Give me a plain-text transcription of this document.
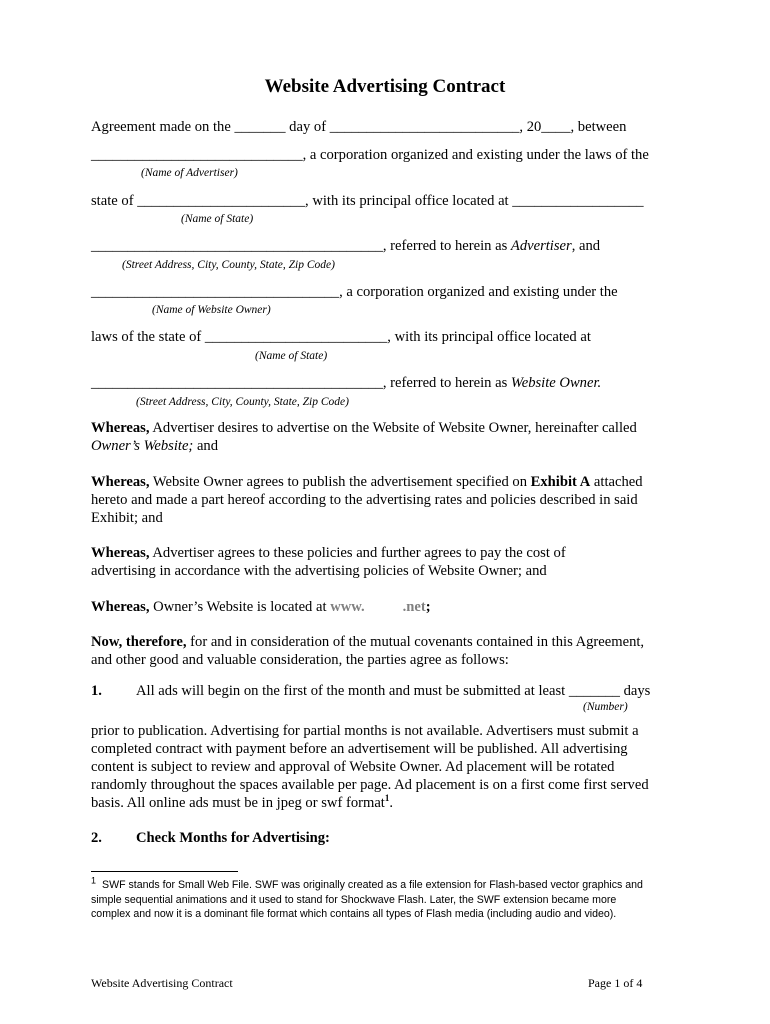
Website Advertising Contract
Agreement made on the _______ day of __________________________, 20____, between
_____________________________, a corporation organized and existing under the laws of the
(Name of Advertiser)
state of _______________________, with its principal office located at __________________
(Name of State)
________________________________________, referred to herein as Advertiser, and
(Street Address, City, County, State, Zip Code)
__________________________________, a corporation organized and existing under the
(Name of Website Owner)
laws of the state of _________________________, with its principal office located at
(Name of State)
________________________________________, referred to herein as Website Owner.
(Street Address, City, County, State, Zip Code)
Whereas, Advertiser desires to advertise on the Website of Website Owner, hereinafter called
Owner’s Website; and
Whereas, Website Owner agrees to publish the advertisement specified on Exhibit A attached
hereto and made a part hereof according to the advertising rates and policies described in said
Exhibit; and
Whereas, Advertiser agrees to these policies and further agrees to pay the cost of
advertising in accordance with the advertising policies of Website Owner; and
Whereas, Owner’s Website is located at www.	.net;
Now, therefore, for and in consideration of the mutual covenants contained in this Agreement,
and other good and valuable consideration, the parties agree as follows:
1. All ads will begin on the first of the month and must be submitted at least _______ days
(Number)
prior to publication. Advertising for partial months is not available. Advertisers must submit a
completed contract with payment before an advertisement will be published. All advertising
content is subject to review and approval of Website Owner. Ad placement will be rotated
randomly throughout the spaces available per page. Ad placement is on a first come first served
basis. All online ads must be in jpeg or swf format$^1$.
2. Check Months for Advertising:
$^1$ SWF stands for Small Web File. SWF was originally created as a file extension for Flash-based vector graphics and
simple sequential animations and it used to stand for Shockwave Flash. Later, the SWF extension became more
complex and now it is a dominant file format which contains all types of Flash media (including audio and video).
Website Advertising Contract	Page 1 of 4
